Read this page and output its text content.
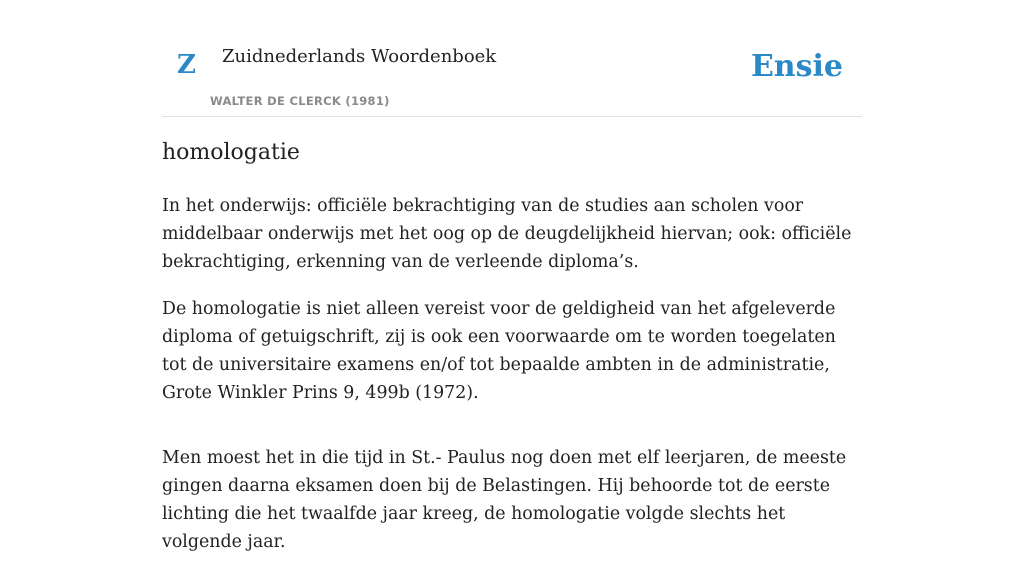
Z Zuidnederlands Woordenboek
WALTER DE CLERCK (1981)
Ensie
homologatie

In het onderwijs: officiële bekrachtiging van de studies aan scholen voor middelbaar onderwijs met het oog op de deugdelijkheid hiervan; ook: officiële bekrachtiging, erkenning van de verleende diploma’s.

De homologatie is niet alleen vereist voor de geldigheid van het afgeleverde diploma of getuigschrift, zij is ook een voorwaarde om te worden toegelaten tot de universitaire examens en/of tot bepaalde ambten in de administratie, Grote Winkler Prins 9, 499b (1972).

Men moest het in die tijd in St.- Paulus nog doen met elf leerjaren, de meeste gingen daarna eksamen doen bij de Belastingen. Hij behoorde tot de eerste lichting die het twaalfde jaar kreeg, de homologatie volgde slechts het volgende jaar.
